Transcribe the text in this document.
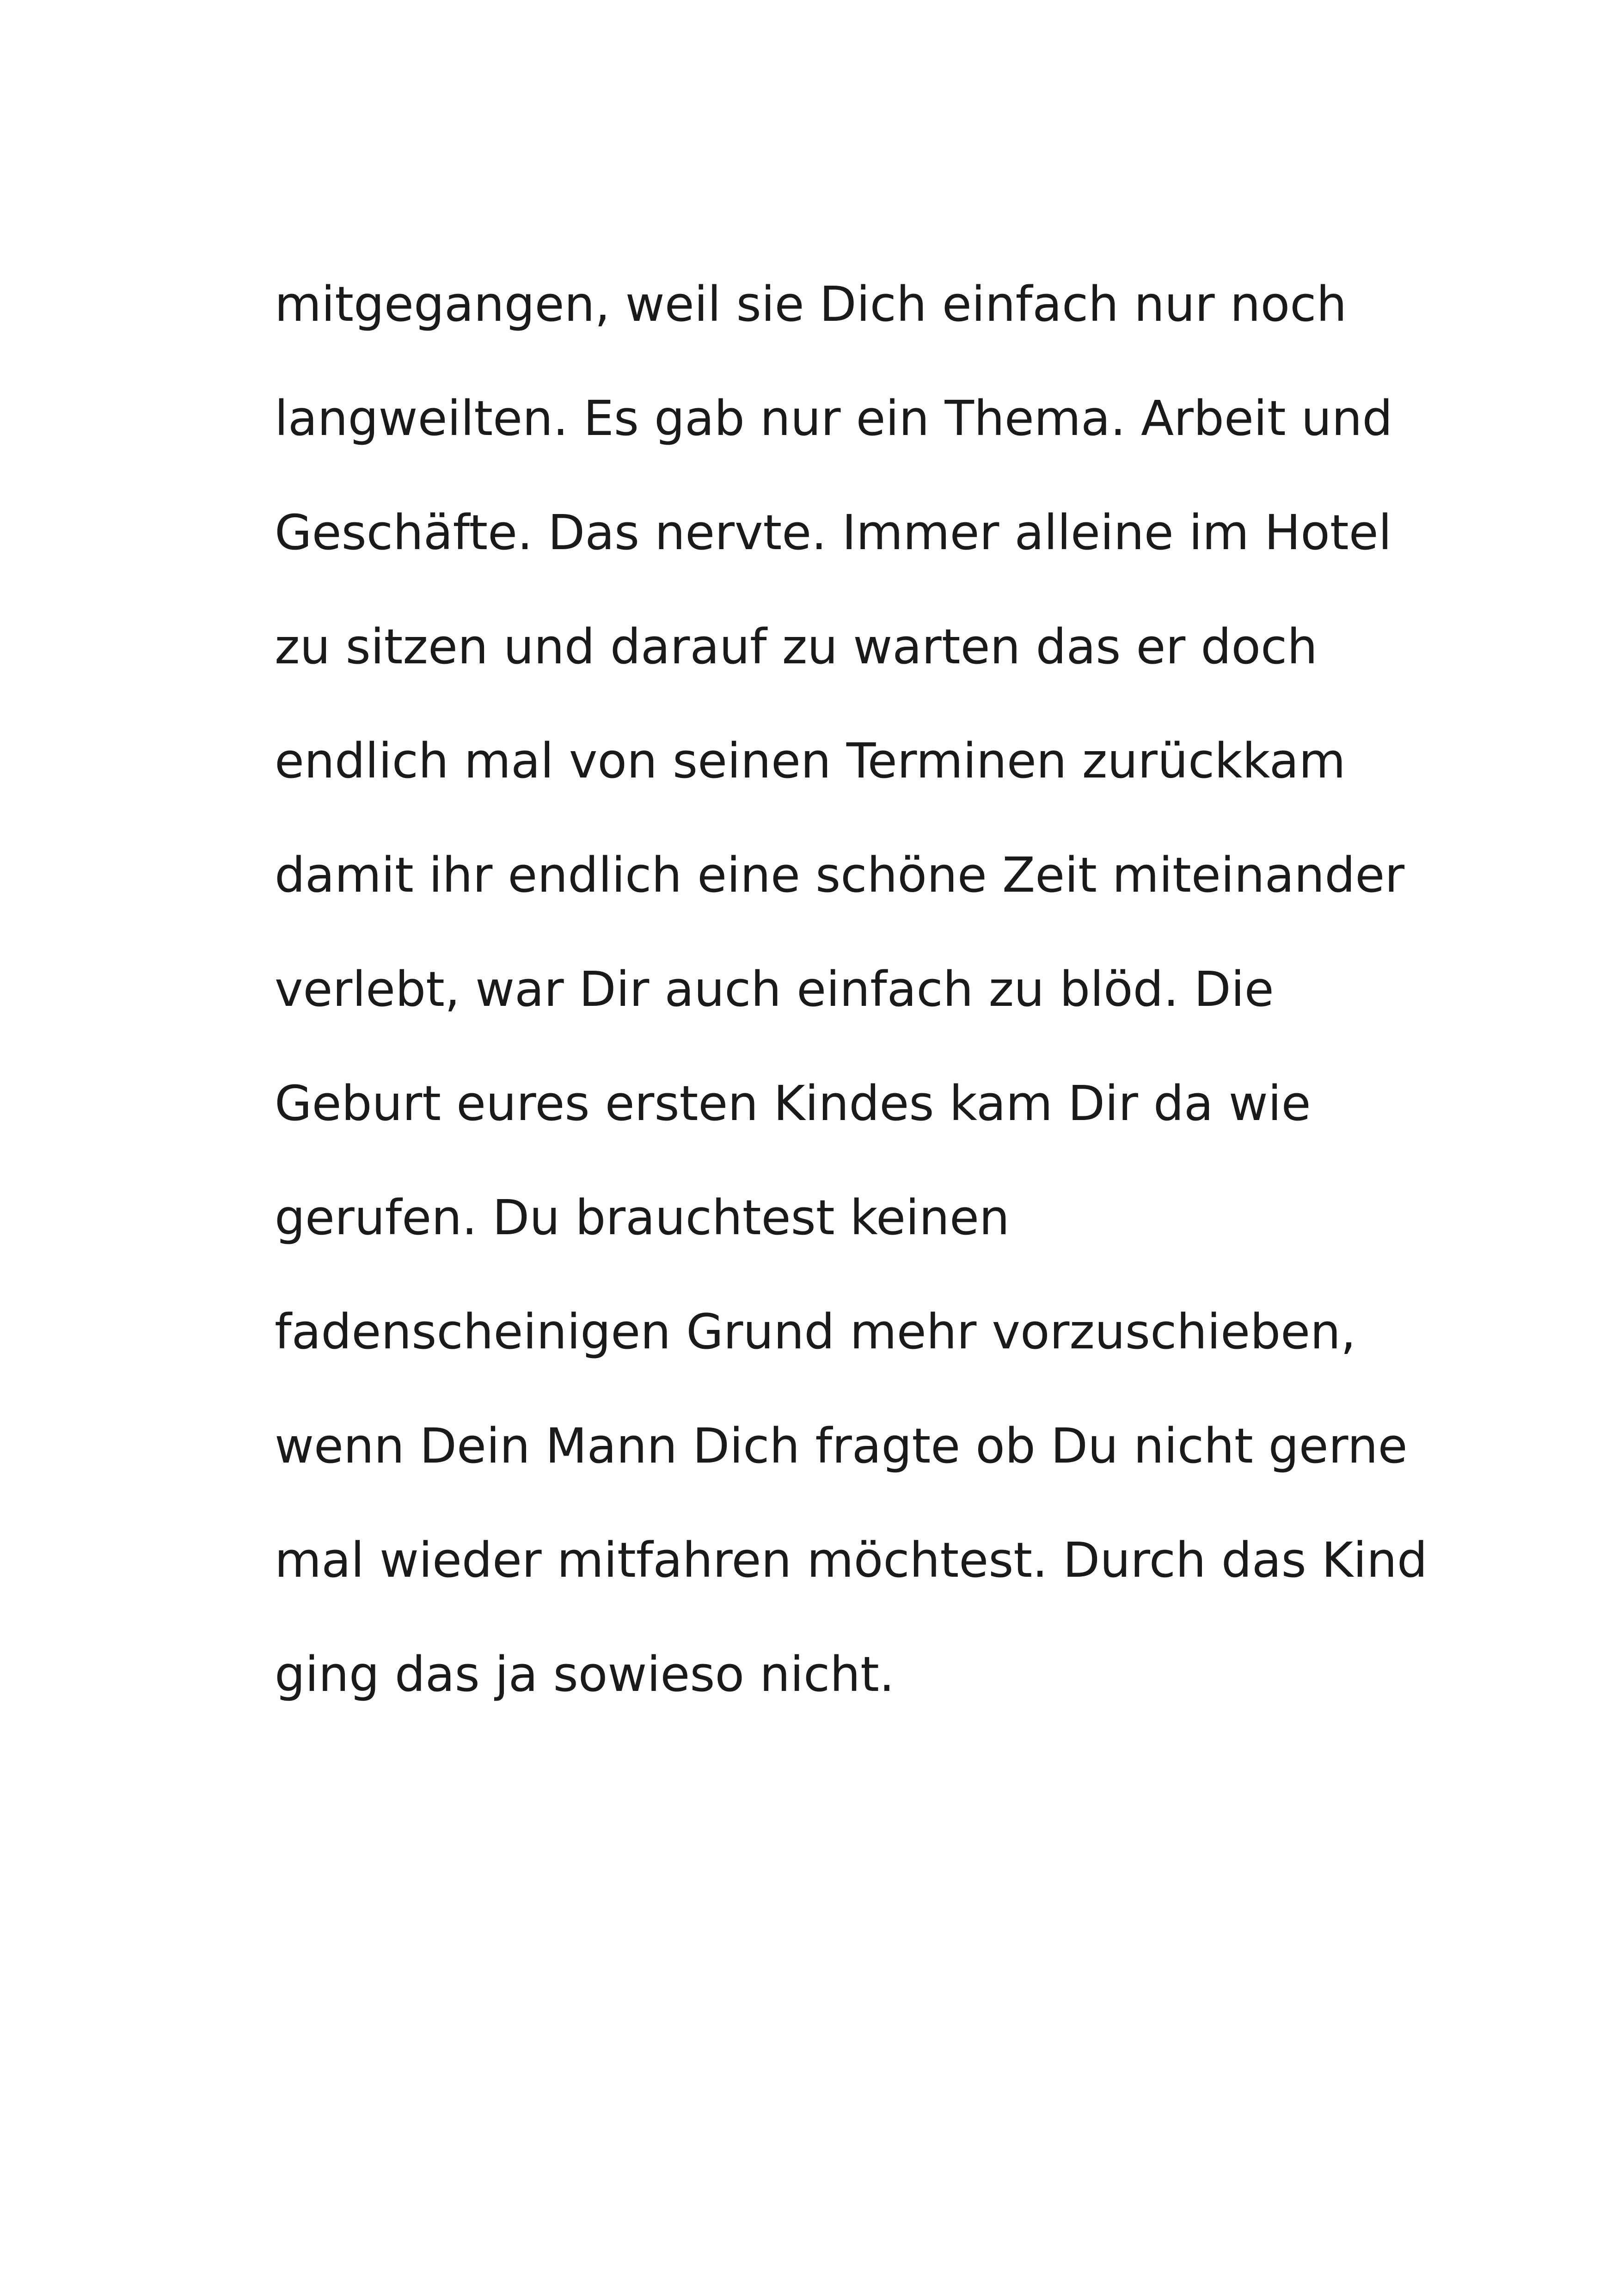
mitgegangen, weil sie Dich einfach nur noch
langweilten. Es gab nur ein Thema. Arbeit und
Geschäfte. Das nervte. Immer alleine im Hotel
zu sitzen und darauf zu warten das er doch
endlich mal von seinen Terminen zurückkam
damit ihr endlich eine schöne Zeit miteinander
verlebt, war Dir auch einfach zu blöd. Die
Geburt eures ersten Kindes kam Dir da wie
gerufen. Du brauchtest keinen
fadenscheinigen Grund mehr vorzuschieben,
wenn Dein Mann Dich fragte ob Du nicht gerne
mal wieder mitfahren möchtest. Durch das Kind
ging das ja sowieso nicht.
